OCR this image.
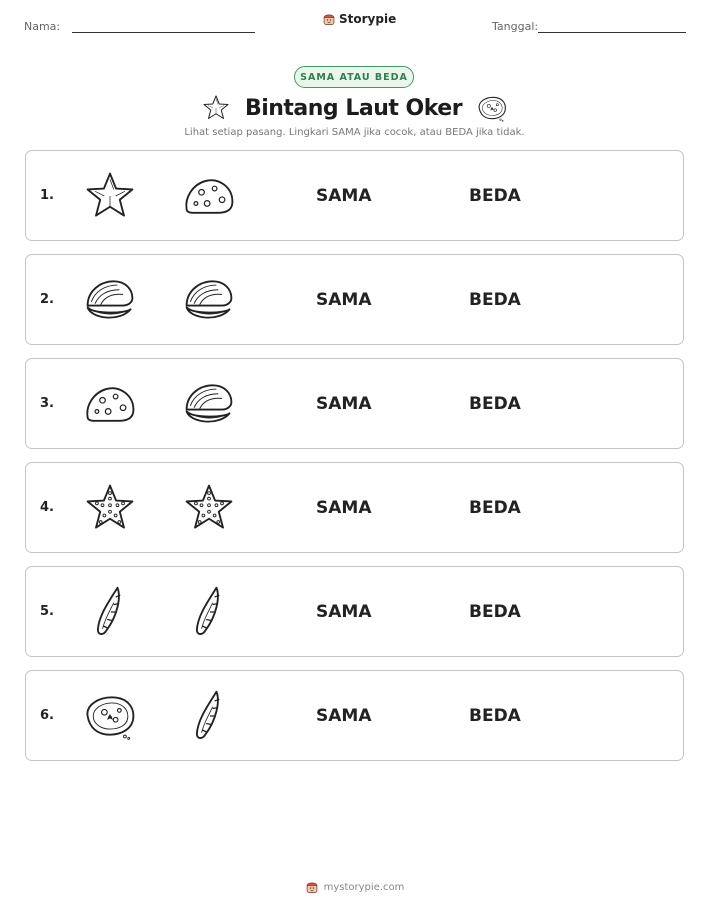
Nama:
Storypie
Tanggal:
SAMA ATAU BEDA
Bintang Laut Oker
Lihat setiap pasang. Lingkari SAMA jika cocok, atau BEDA jika tidak.
1.	SAMA	BEDA
2.	SAMA	BEDA
3.	SAMA	BEDA
4.	SAMA	BEDA
5.	SAMA	BEDA
6.	SAMA	BEDA
mystorypie.com
